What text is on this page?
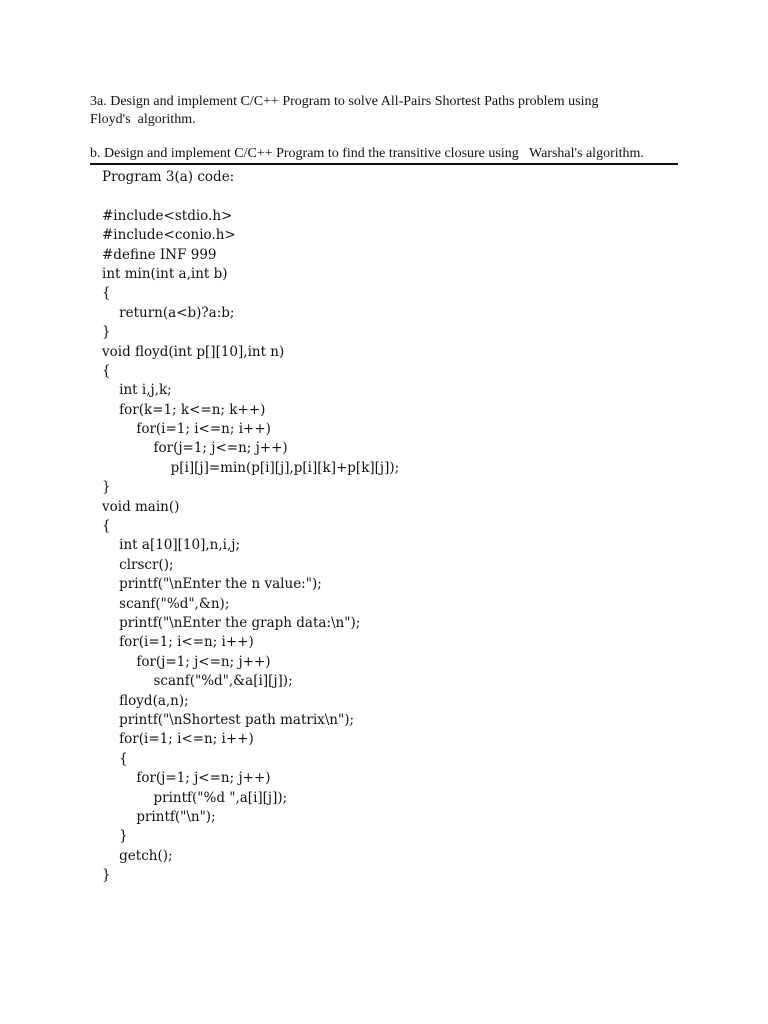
3a. Design and implement C/C++ Program to solve All-Pairs Shortest Paths problem using
Floyd's  algorithm.
b. Design and implement C/C++ Program to find the transitive closure using   Warshal's algorithm.
Program 3(a) code:
#include<stdio.h>
#include<conio.h>
#define INF 999
int min(int a,int b)
{
return(a<b)?a:b;
}
void floyd(int p[][10],int n)
{
int i,j,k;
for(k=1; k<=n; k++)
for(i=1; i<=n; i++)
for(j=1; j<=n; j++)
p[i][j]=min(p[i][j],p[i][k]+p[k][j]);
}
void main()
{
int a[10][10],n,i,j;
clrscr();
printf("\nEnter the n value:");
scanf("%d",&n);
printf("\nEnter the graph data:\n");
for(i=1; i<=n; i++)
for(j=1; j<=n; j++)
scanf("%d",&a[i][j]);
floyd(a,n);
printf("\nShortest path matrix\n");
for(i=1; i<=n; i++)
{
for(j=1; j<=n; j++)
printf("%d ",a[i][j]);
printf("\n");
}
getch();
}
